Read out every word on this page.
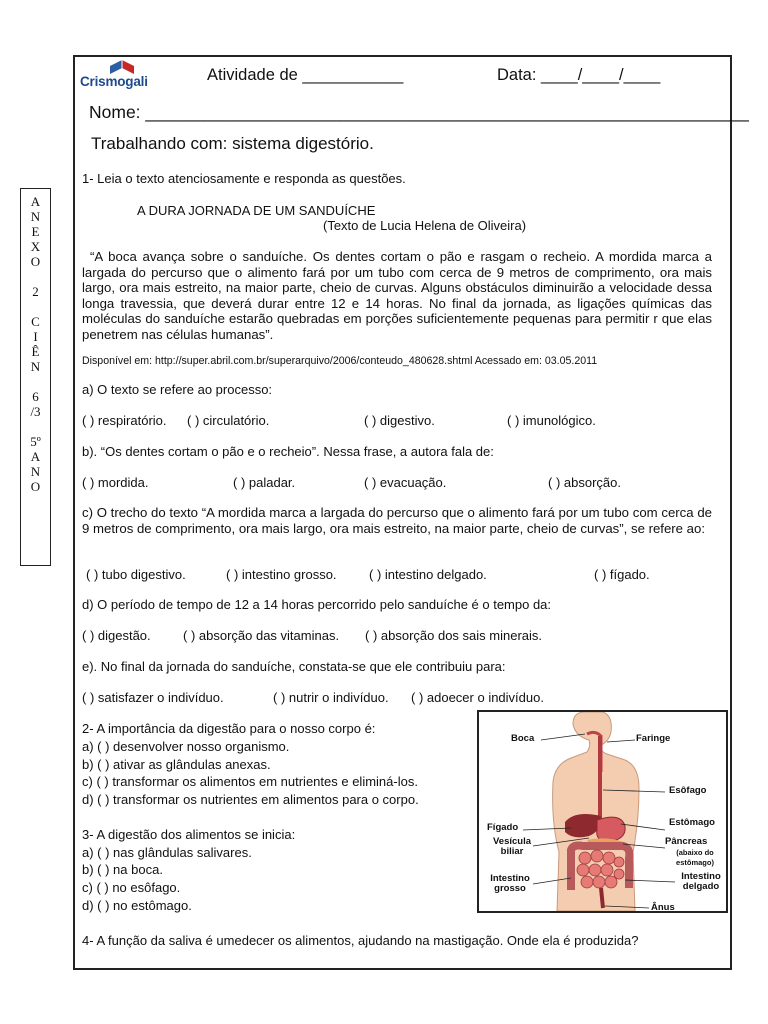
A
N
E
X
O
2
C
I
Ê
N
6
/3
5º
A
N
O
Crismogali	Atividade de ___________	Data: ____/____/____
Nome: ______________________________________________________________
Trabalhando com: sistema digestório.
1- Leia o texto atenciosamente e responda as questões.
A DURA JORNADA DE UM SANDUÍCHE
(Texto de Lucia Helena de Oliveira)

“A boca avança sobre o sanduíche. Os dentes cortam o pão e rasgam o recheio. A mordida marca a largada do percurso que o alimento fará por um tubo com cerca de 9 metros de comprimento, ora mais largo, ora mais estreito, na maior parte, cheio de curvas. Alguns obstáculos diminuirão a velocidade dessa longa travessia, que deverá durar entre 12 e 14 horas. No final da jornada, as ligações químicas das moléculas do sanduíche estarão quebradas em porções suficientemente pequenas para permitir r que elas penetrem nas células humanas”.

Disponível em: http://super.abril.com.br/superarquivo/2006/conteudo_480628.shtml Acessado em: 03.05.2011
a) O texto se refere ao processo:
( ) respiratório. ( ) circulatório.	( ) digestivo.	( ) imunológico.
b). “Os dentes cortam o pão e o recheio”. Nessa frase, a autora fala de:
( ) mordida.	( ) paladar.	( ) evacuação.	( ) absorção.

c) O trecho do texto “A mordida marca a largada do percurso que o alimento fará por um tubo com cerca de 9 metros de comprimento, ora mais largo, ora mais estreito, na maior parte, cheio de curvas”, se refere ao:

( ) tubo digestivo.	( ) intestino grosso. ( ) intestino delgado.	( ) fígado.
d) O período de tempo de 12 a 14 horas percorrido pelo sanduíche é o tempo da:
( ) digestão. ( ) absorção das vitaminas. ( ) absorção dos sais minerais.
e). No final da jornada do sanduíche, constata-se que ele contribuiu para:
( ) satisfazer o indivíduo.	( ) nutrir o indivíduo. ( ) adoecer o indivíduo.
2- A importância da digestão para o nosso corpo é:
a) ( ) desenvolver nosso organismo.
b) ( ) ativar as glândulas anexas.
c) ( ) transformar os alimentos em nutrientes e eliminá-los.
d) ( ) transformar os nutrientes em alimentos para o corpo.
3- A digestão dos alimentos se inicia:
a) ( ) nas glândulas salivares.
b) ( ) na boca.
c) ( ) no esôfago.
d) ( ) no estômago.
4- A função da saliva é umedecer os alimentos, ajudando na mastigação. Onde ela é produzida?
Boca	Faringe
Esôfago
Estômago
Fígado
Vesícula biliar
Pâncreas
(abaixo do estômago)
Intestino grosso
Intestino delgado
Ânus
